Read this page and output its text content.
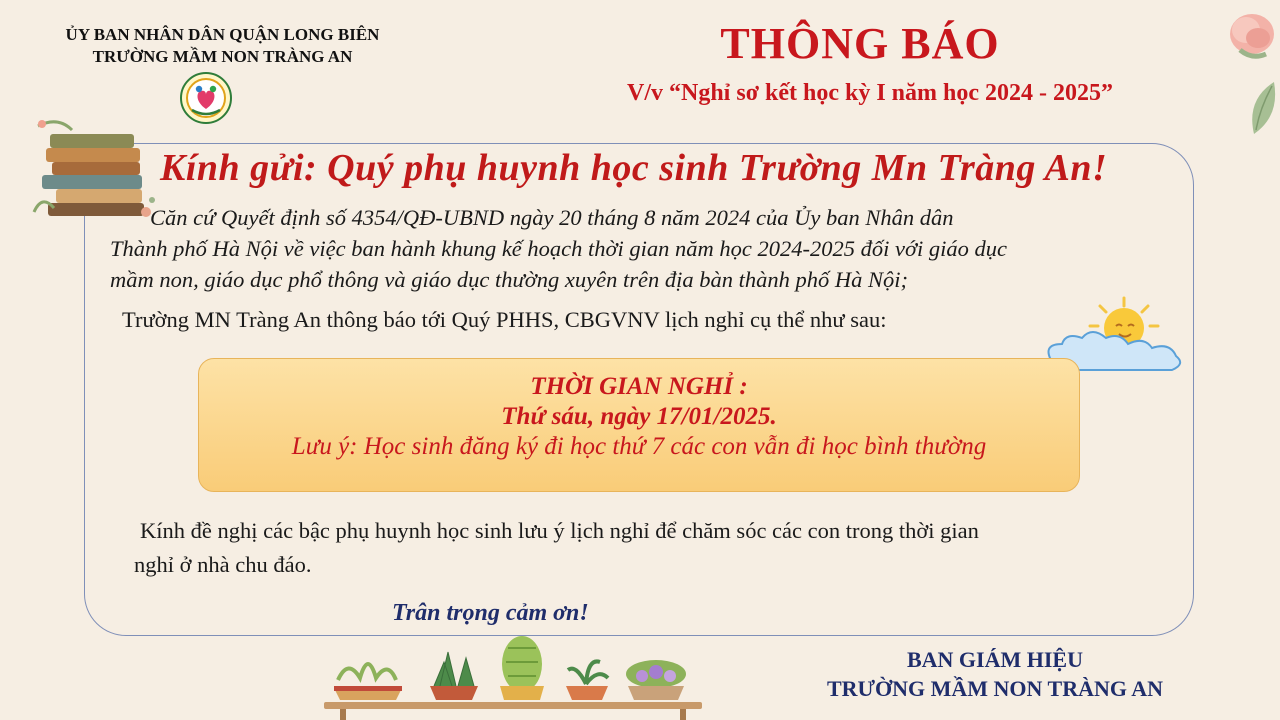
ỦY BAN NHÂN DÂN QUẬN LONG BIÊN
TRƯỜNG MẦM NON TRÀNG AN	THÔNG BÁO
V/v “Nghỉ sơ kết học kỳ I năm học 2024 - 2025”
Kính gửi: Quý phụ huynh học sinh Trường Mn Tràng An!
Căn cứ Quyết định số 4354/QĐ-UBND ngày 20 tháng 8 năm 2024 của Ủy ban Nhân dân
Thành phố Hà Nội về việc ban hành khung kế hoạch thời gian năm học 2024-2025 đối với giáo dục
mầm non, giáo dục phổ thông và giáo dục thường xuyên trên địa bàn thành phố Hà Nội;
Trường MN Tràng An thông báo tới Quý PHHS, CBGVNV lịch nghỉ cụ thể như sau:
THỜI GIAN NGHỈ :
Thứ sáu, ngày 17/01/2025.
Lưu ý: Học sinh đăng ký đi học thứ 7 các con vẫn đi học bình thường
Kính đề nghị các bậc phụ huynh học sinh lưu ý lịch nghỉ để chăm sóc các con trong thời gian
nghỉ ở nhà chu đáo.
Trân trọng cảm ơn!
BAN GIÁM HIỆU
TRƯỜNG MẦM NON TRÀNG AN
